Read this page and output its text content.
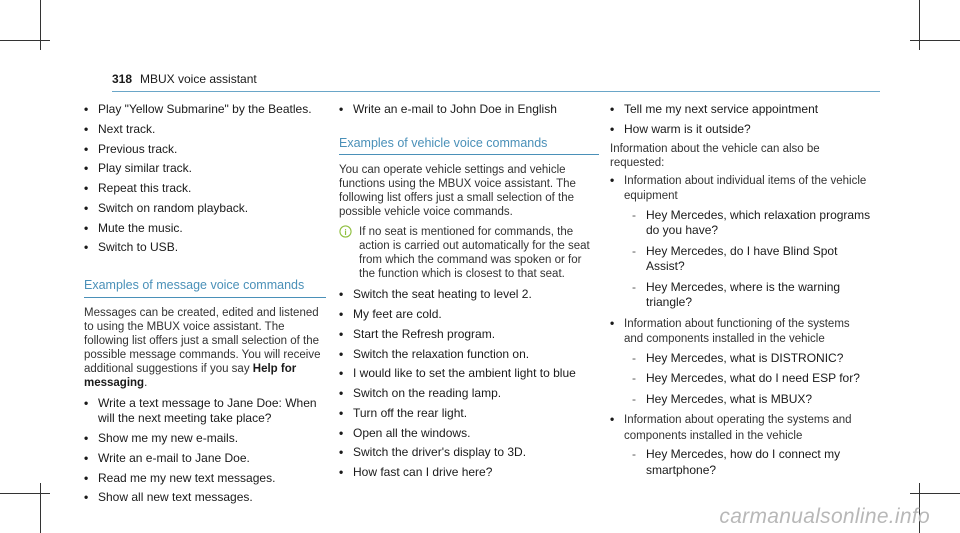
318 MBUX voice assistant
• Play "Yellow Submarine" by the Beatles.
• Next track.
• Previous track.
• Play similar track.
• Repeat this track.
• Switch on random playback.
• Mute the music.
• Switch to USB.
Examples of message voice commands

Messages can be created, edited and listened to using the MBUX voice assistant. The following list offers just a small selection of the possible message commands. You will receive additional suggestions if you say Help for messaging.

• Write a text message to Jane Doe: When will the next meeting take place?
• Show me my new e-mails.
• Write an e-mail to Jane Doe.
• Read me my new text messages.
• Show all new text messages.
• Write an e-mail to John Doe in English
Examples of vehicle voice commands

You can operate vehicle settings and vehicle functions using the MBUX voice assistant. The following list offers just a small selection of the possible vehicle voice commands.

i If no seat is mentioned for commands, the action is carried out automatically for the seat from which the command was spoken or for the function which is closest to that seat.
• Switch the seat heating to level 2.
• My feet are cold.
• Start the Refresh program.
• Switch the relaxation function on.
• I would like to set the ambient light to blue
• Switch on the reading lamp.
• Turn off the rear light.
• Open all the windows.
• Switch the driver's display to 3D.
• How fast can I drive here?
• Tell me my next service appointment
• How warm is it outside?

Information about the vehicle can also be requested:

• Information about individual items of the vehicle equipment
- Hey Mercedes, which relaxation programs do you have?
- Hey Mercedes, do I have Blind Spot Assist?
- Hey Mercedes, where is the warning triangle?
• Information about functioning of the systems and components installed in the vehicle
- Hey Mercedes, what is DISTRONIC?
- Hey Mercedes, what do I need ESP for?
- Hey Mercedes, what is MBUX?
• Information about operating the systems and components installed in the vehicle
- Hey Mercedes, how do I connect my smartphone?
carmanualsonline.info
